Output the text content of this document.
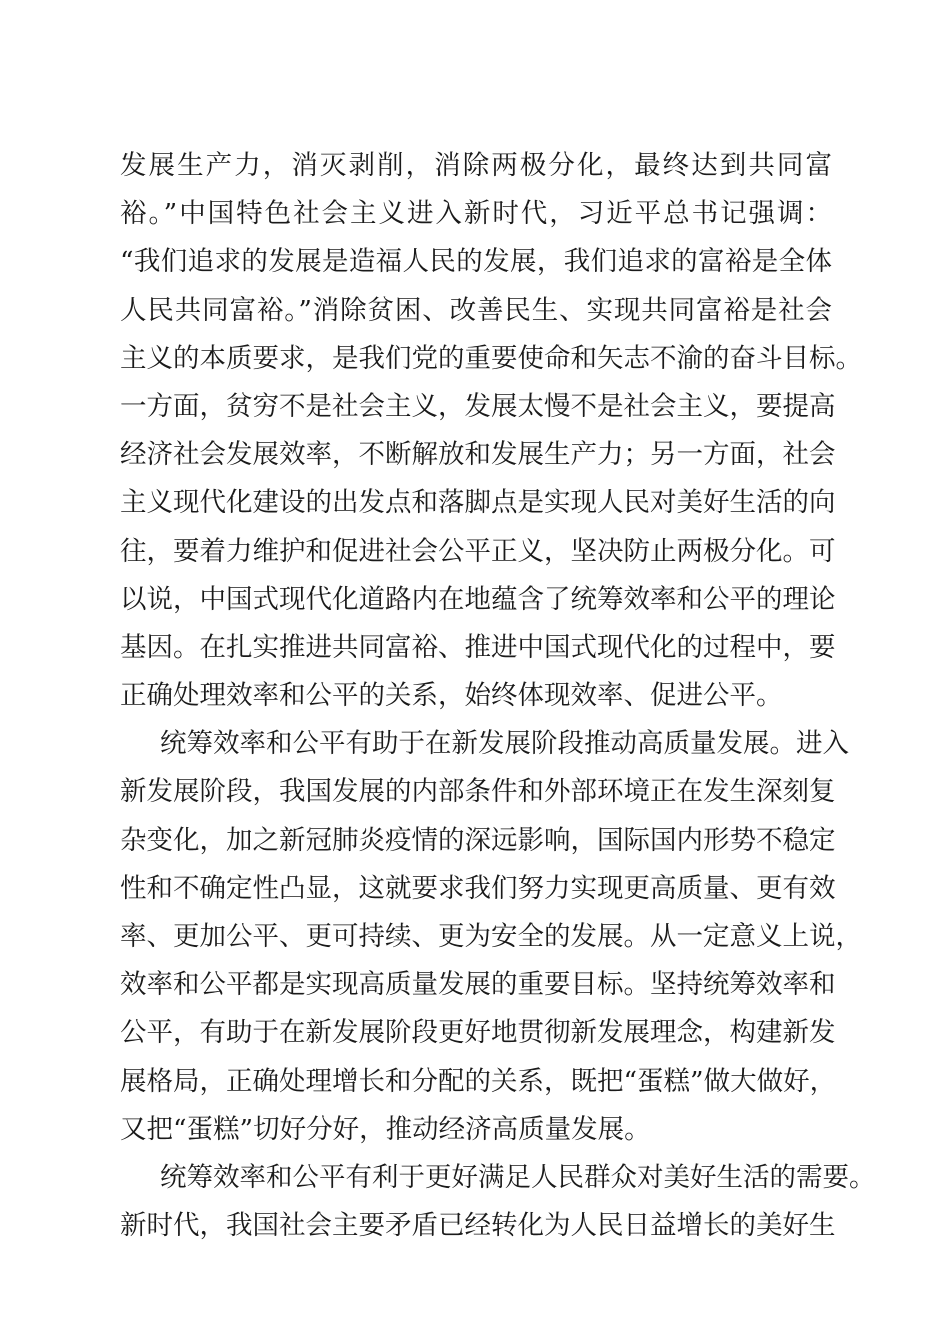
发展生产力，消灭剥削，消除两极分化，最终达到共同富
裕。”中国特色社会主义进入新时代，习近平总书记强调：
“我们追求的发展是造福人民的发展，我们追求的富裕是全体
人民共同富裕。”消除贫困、改善民生、实现共同富裕是社会
主义的本质要求，是我们党的重要使命和矢志不渝的奋斗目标。
一方面，贫穷不是社会主义，发展太慢不是社会主义，要提高
经济社会发展效率，不断解放和发展生产力；另一方面，社会
主义现代化建设的出发点和落脚点是实现人民对美好生活的向
往，要着力维护和促进社会公平正义，坚决防止两极分化。可
以说，中国式现代化道路内在地蕴含了统筹效率和公平的理论
基因。在扎实推进共同富裕、推进中国式现代化的过程中，要
正确处理效率和公平的关系，始终体现效率、促进公平。
统筹效率和公平有助于在新发展阶段推动高质量发展。进入
新发展阶段，我国发展的内部条件和外部环境正在发生深刻复
杂变化，加之新冠肺炎疫情的深远影响，国际国内形势不稳定
性和不确定性凸显，这就要求我们努力实现更高质量、更有效
率、更加公平、更可持续、更为安全的发展。从一定意义上说，
效率和公平都是实现高质量发展的重要目标。坚持统筹效率和
公平，有助于在新发展阶段更好地贯彻新发展理念，构建新发
展格局，正确处理增长和分配的关系，既把“蛋糕”做大做好，
又把“蛋糕”切好分好，推动经济高质量发展。
统筹效率和公平有利于更好满足人民群众对美好生活的需要。
新时代，我国社会主要矛盾已经转化为人民日益增长的美好生
